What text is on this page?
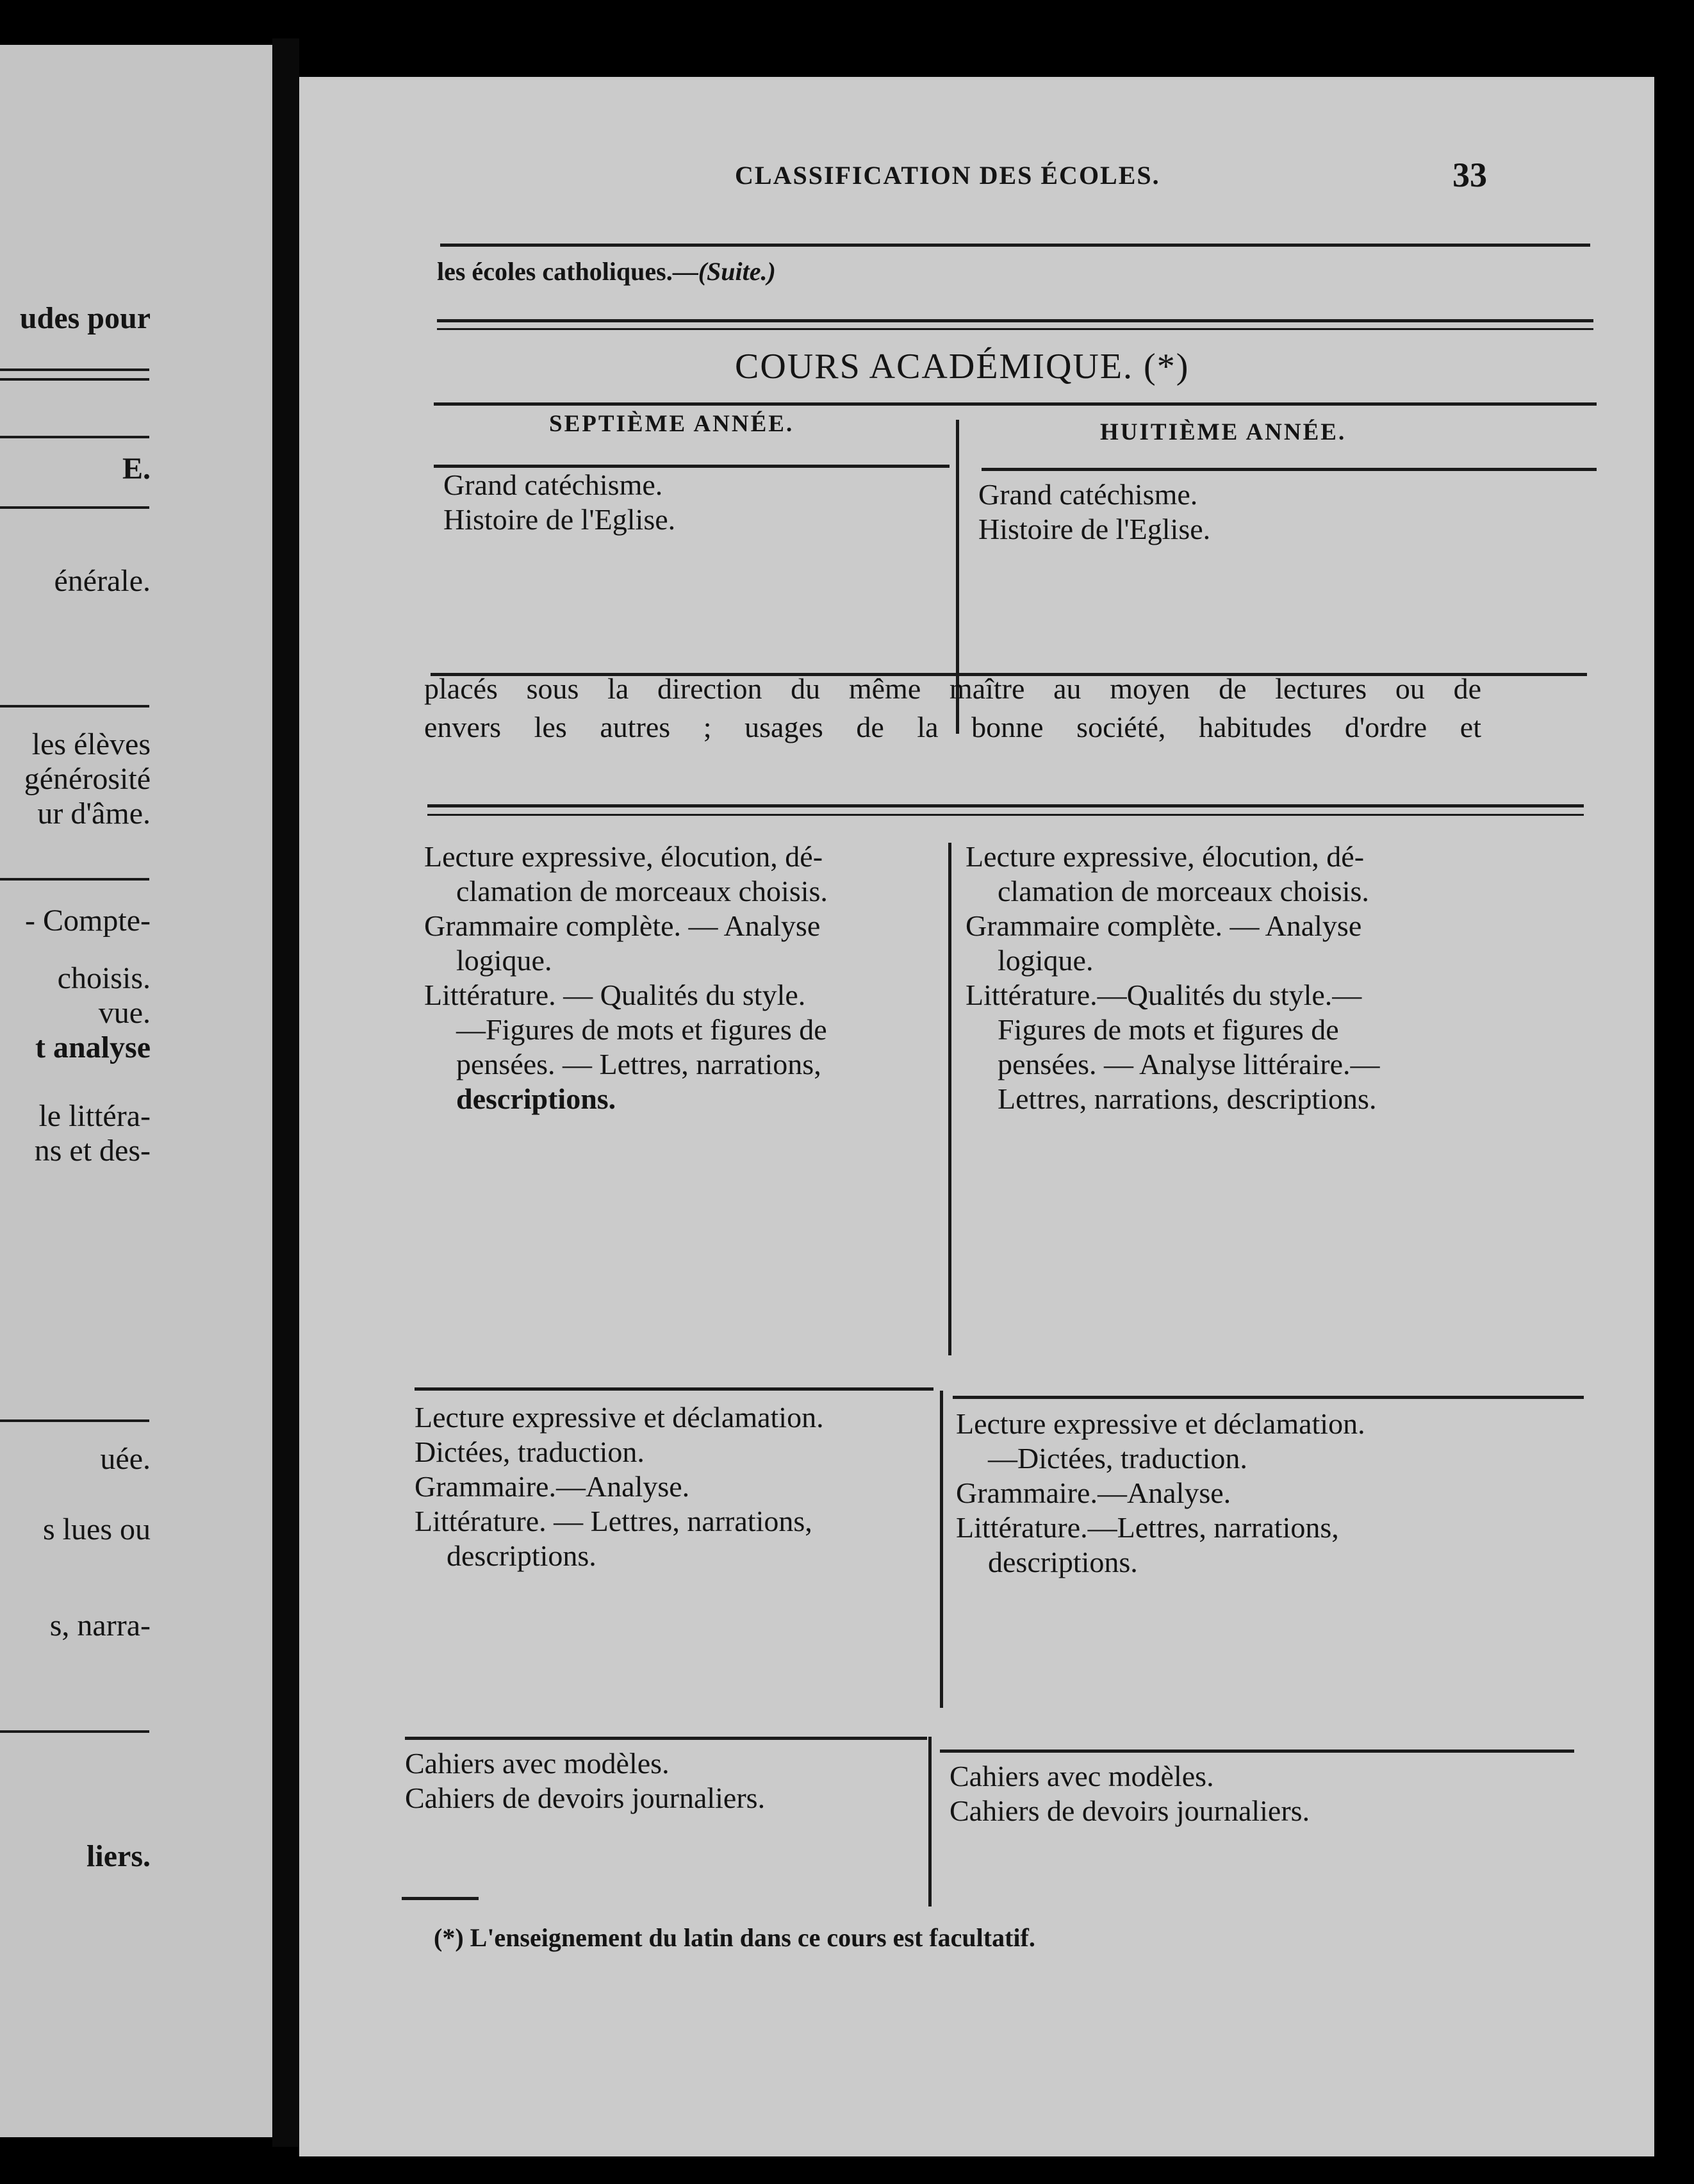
udes pour
E.
énérale.
les élèves
générosité
ur d'âme.
- Compte-
choisis.
vue.
t analyse
le littéra-
ns et des-
uée.
s lues ou
s, narra-
liers.
CLASSIFICATION DES ÉCOLES.	33
les écoles catholiques.—(Suite.)
COURS ACADÉMIQUE. (*)
SEPTIÈME ANNÉE.	HUITIÈME ANNÉE.
Grand catéchisme.
Histoire de l'Eglise.
Grand catéchisme.
Histoire de l'Eglise.
placés sous la direction du même maître au moyen de lectures ou de
envers les autres ; usages de la bonne société, habitudes d'ordre et
Lecture expressive, élocution, dé-
clamation de morceaux choisis.
Grammaire complète. — Analyse
logique.
Littérature. — Qualités du style.
—Figures de mots et figures de
pensées. — Lettres, narrations,
descriptions.
Lecture expressive, élocution, dé-
clamation de morceaux choisis.
Grammaire complète. — Analyse
logique.
Littérature.—Qualités du style.—
Figures de mots et figures de
pensées. — Analyse littéraire.—
Lettres, narrations, descriptions.
Lecture expressive et déclamation.
Dictées, traduction.
Grammaire.—Analyse.
Littérature. — Lettres, narrations,
descriptions.
Lecture expressive et déclamation.
—Dictées, traduction.
Grammaire.—Analyse.
Littérature.—Lettres, narrations,
descriptions.
Cahiers avec modèles.
Cahiers de devoirs journaliers.
Cahiers avec modèles.
Cahiers de devoirs journaliers.
(*) L'enseignement du latin dans ce cours est facultatif.
